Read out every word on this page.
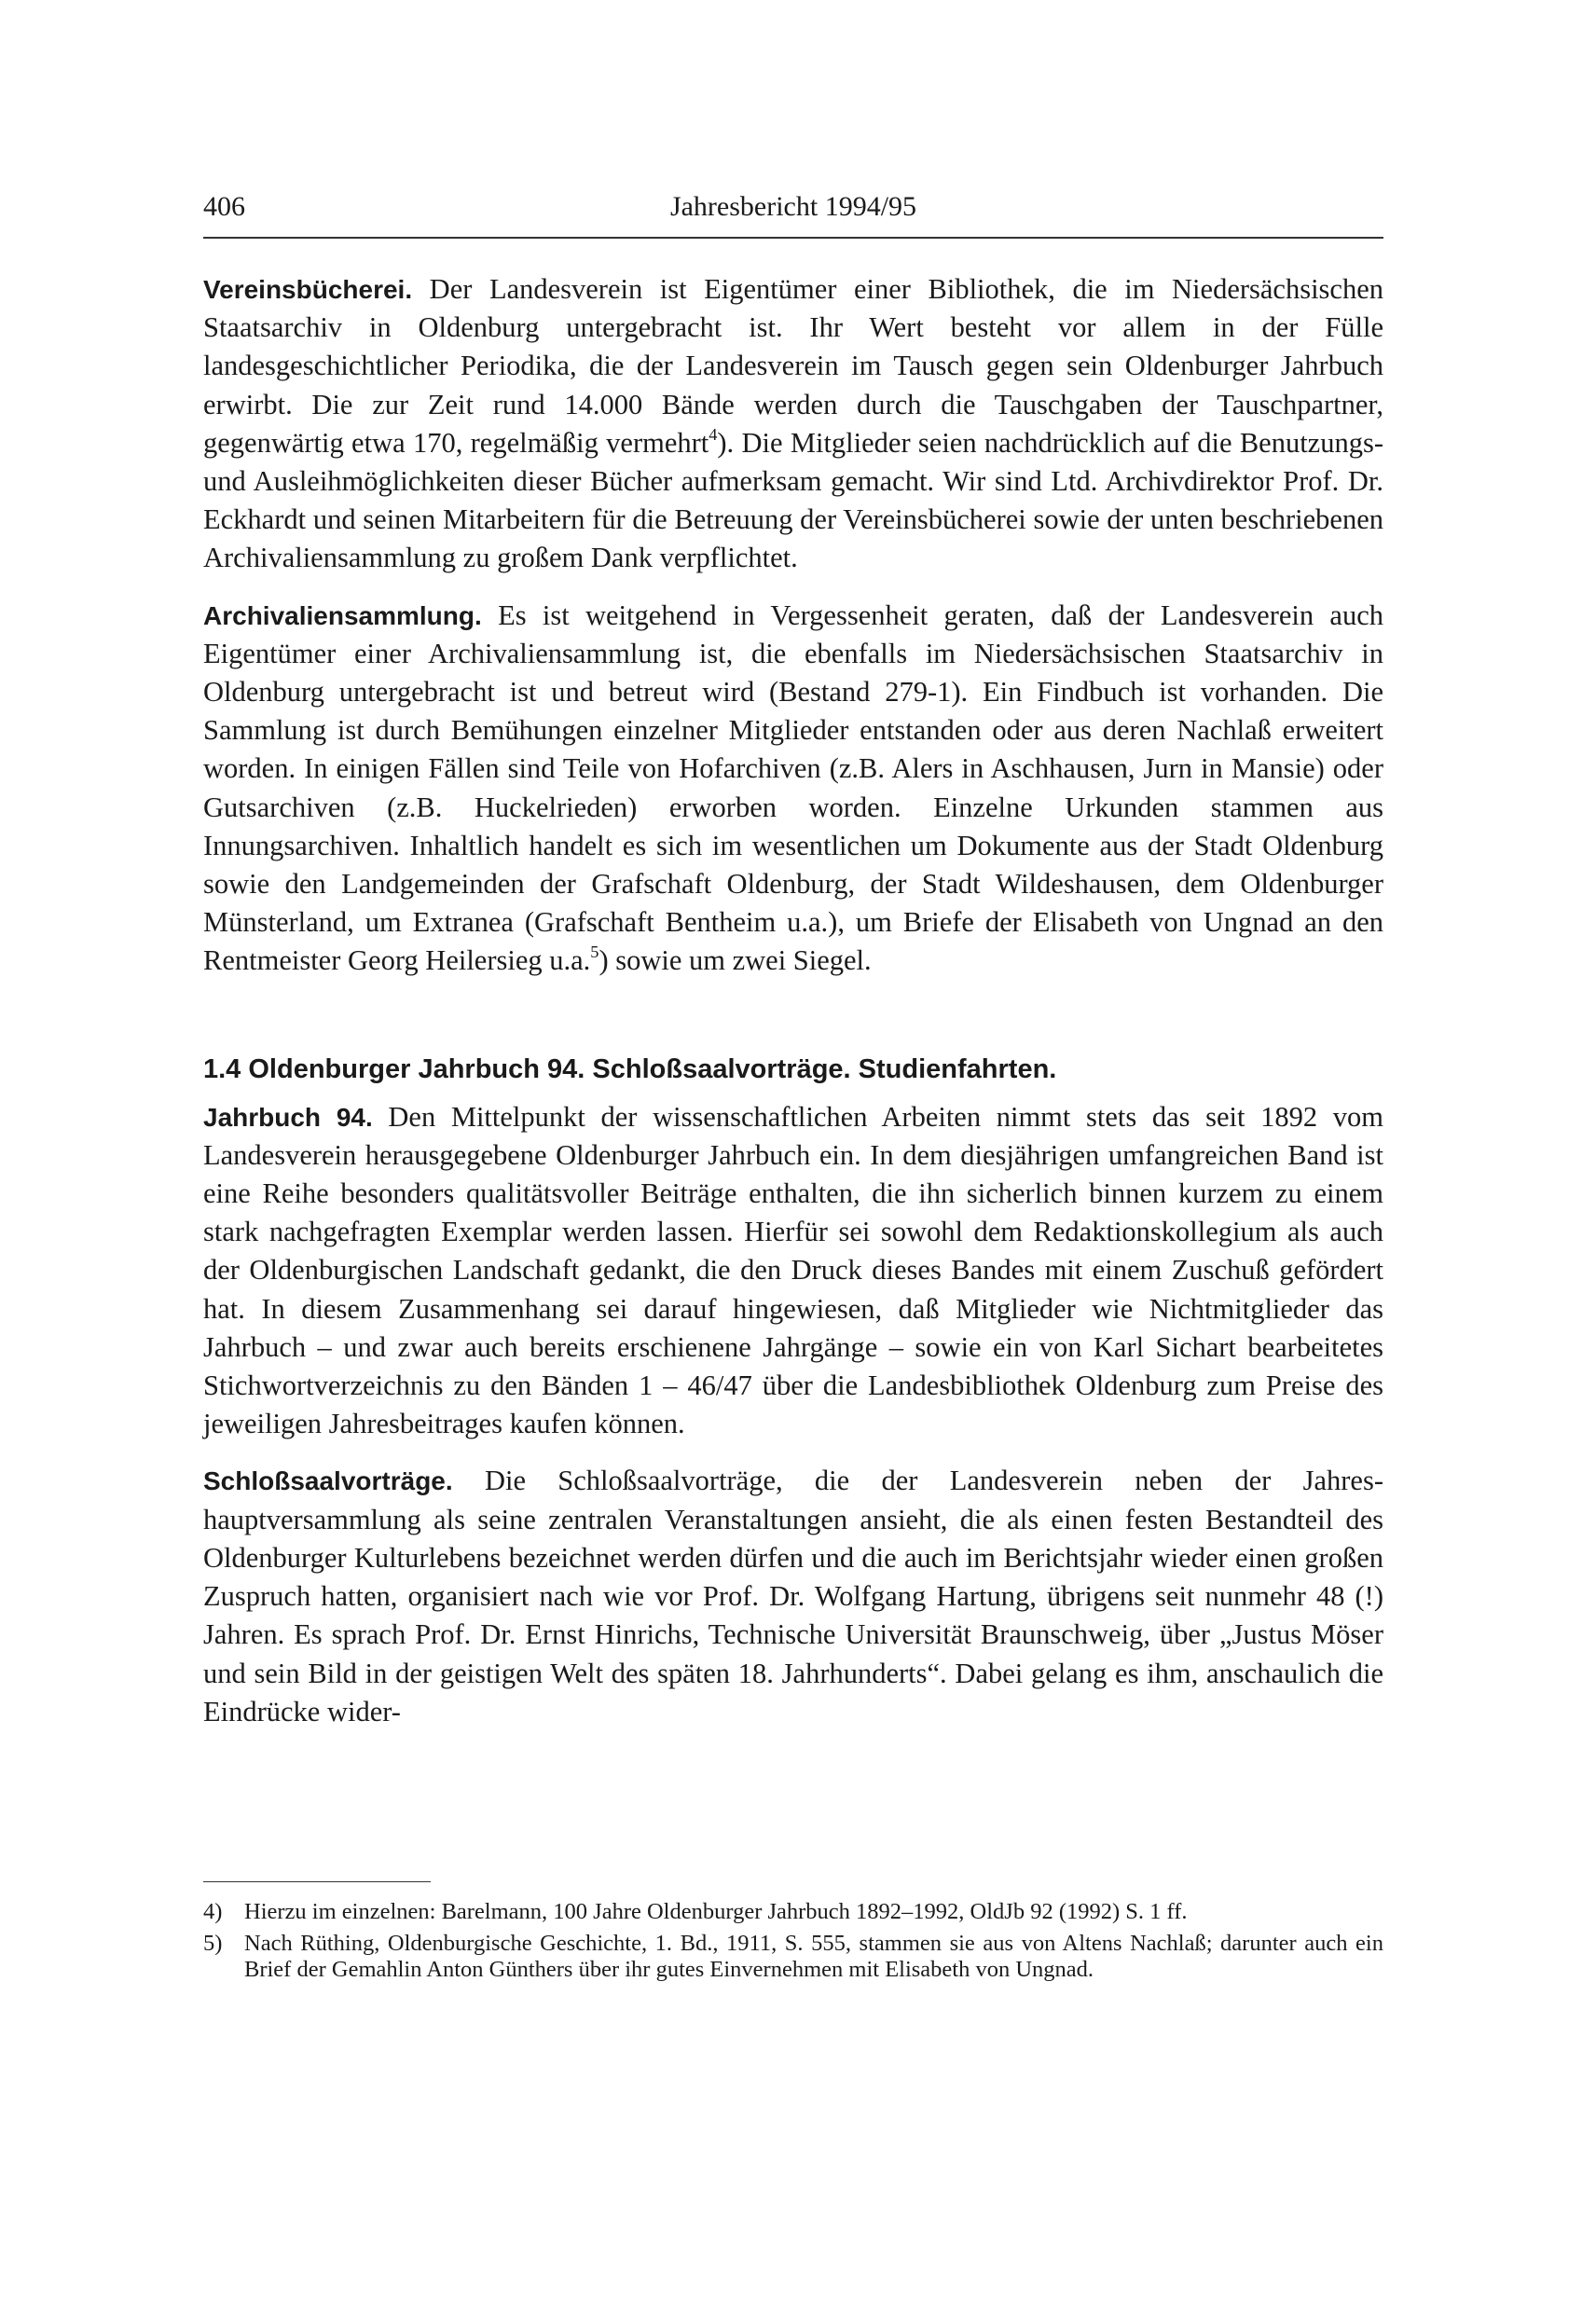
406	Jahresbericht 1994/95

Vereinsbücherei. Der Landesverein ist Eigentümer einer Bibliothek, die im Niedersächsischen Staatsarchiv in Oldenburg untergebracht ist. Ihr Wert besteht vor allem in der Fülle landesgeschichtlicher Periodika, die der Landesverein im Tausch gegen sein Oldenburger Jahrbuch erwirbt. Die zur Zeit rund 14.000 Bände werden durch die Tauschgaben der Tauschpartner, gegenwärtig etwa 170, regelmäßig vermehrt$^4$). Die Mitglieder seien nachdrücklich auf die Benutzungs- und Ausleihmöglichkeiten dieser Bücher aufmerksam gemacht. Wir sind Ltd. Archivdirektor Prof. Dr. Eckhardt und seinen Mitarbeitern für die Betreuung der Vereinsbücherei sowie der unten beschriebenen Archivaliensammlung zu großem Dank verpflichtet.

Archivaliensammlung. Es ist weitgehend in Vergessenheit geraten, daß der Landesverein auch Eigentümer einer Archivaliensammlung ist, die ebenfalls im Niedersächsischen Staatsarchiv in Oldenburg untergebracht ist und betreut wird (Bestand 279-1). Ein Findbuch ist vorhanden. Die Sammlung ist durch Bemühungen einzelner Mitglieder entstanden oder aus deren Nachlaß erweitert worden. In einigen Fällen sind Teile von Hofarchiven (z.B. Alers in Aschhausen, Jurn in Mansie) oder Gutsarchiven (z.B. Huckelrieden) erworben worden. Einzelne Urkunden stammen aus Innungsarchiven. Inhaltlich handelt es sich im wesentlichen um Dokumente aus der Stadt Oldenburg sowie den Landgemeinden der Grafschaft Oldenburg, der Stadt Wildeshausen, dem Oldenburger Münsterland, um Extranea (Grafschaft Bentheim u.a.), um Briefe der Elisabeth von Ungnad an den Rentmeister Georg Heilersieg u.a.$^5$) sowie um zwei Siegel.

1.4 Oldenburger Jahrbuch 94. Schloßsaalvorträge. Studienfahrten.

Jahrbuch 94. Den Mittelpunkt der wissenschaftlichen Arbeiten nimmt stets das seit 1892 vom Landesverein herausgegebene Oldenburger Jahrbuch ein. In dem diesjährigen umfangreichen Band ist eine Reihe besonders qualitätsvoller Beiträge enthalten, die ihn sicherlich binnen kurzem zu einem stark nachgefragten Exemplar werden lassen. Hierfür sei sowohl dem Redaktionskollegium als auch der Oldenburgischen Landschaft gedankt, die den Druck dieses Bandes mit einem Zuschuß gefördert hat. In diesem Zusammenhang sei darauf hingewiesen, daß Mitglieder wie Nichtmitglieder das Jahrbuch – und zwar auch bereits erschienene Jahrgänge – sowie ein von Karl Sichart bearbeitetes Stichwortverzeichnis zu den Bänden 1 – 46/47 über die Landesbibliothek Oldenburg zum Preise des jeweiligen Jahresbeitrages kaufen können.

Schloßsaalvorträge. Die Schloßsaalvorträge, die der Landesverein neben der Jahreshauptversammlung als seine zentralen Veranstaltungen ansieht, die als einen festen Bestandteil des Oldenburger Kulturlebens bezeichnet werden dürfen und die auch im Berichtsjahr wieder einen großen Zuspruch hatten, organisiert nach wie vor Prof. Dr. Wolfgang Hartung, übrigens seit nunmehr 48 (!) Jahren. Es sprach Prof. Dr. Ernst Hinrichs, Technische Universität Braunschweig, über „Justus Möser und sein Bild in der geistigen Welt des späten 18. Jahrhunderts“. Dabei gelang es ihm, anschaulich die Eindrücke wider-

4) Hierzu im einzelnen: Barelmann, 100 Jahre Oldenburger Jahrbuch 1892–1992, OldJb 92 (1992) S. 1 ff.
5) Nach Rüthing, Oldenburgische Geschichte, 1. Bd., 1911, S. 555, stammen sie aus von Altens Nachlaß; darunter auch ein Brief der Gemahlin Anton Günthers über ihr gutes Einvernehmen mit Elisabeth von Ungnad.
